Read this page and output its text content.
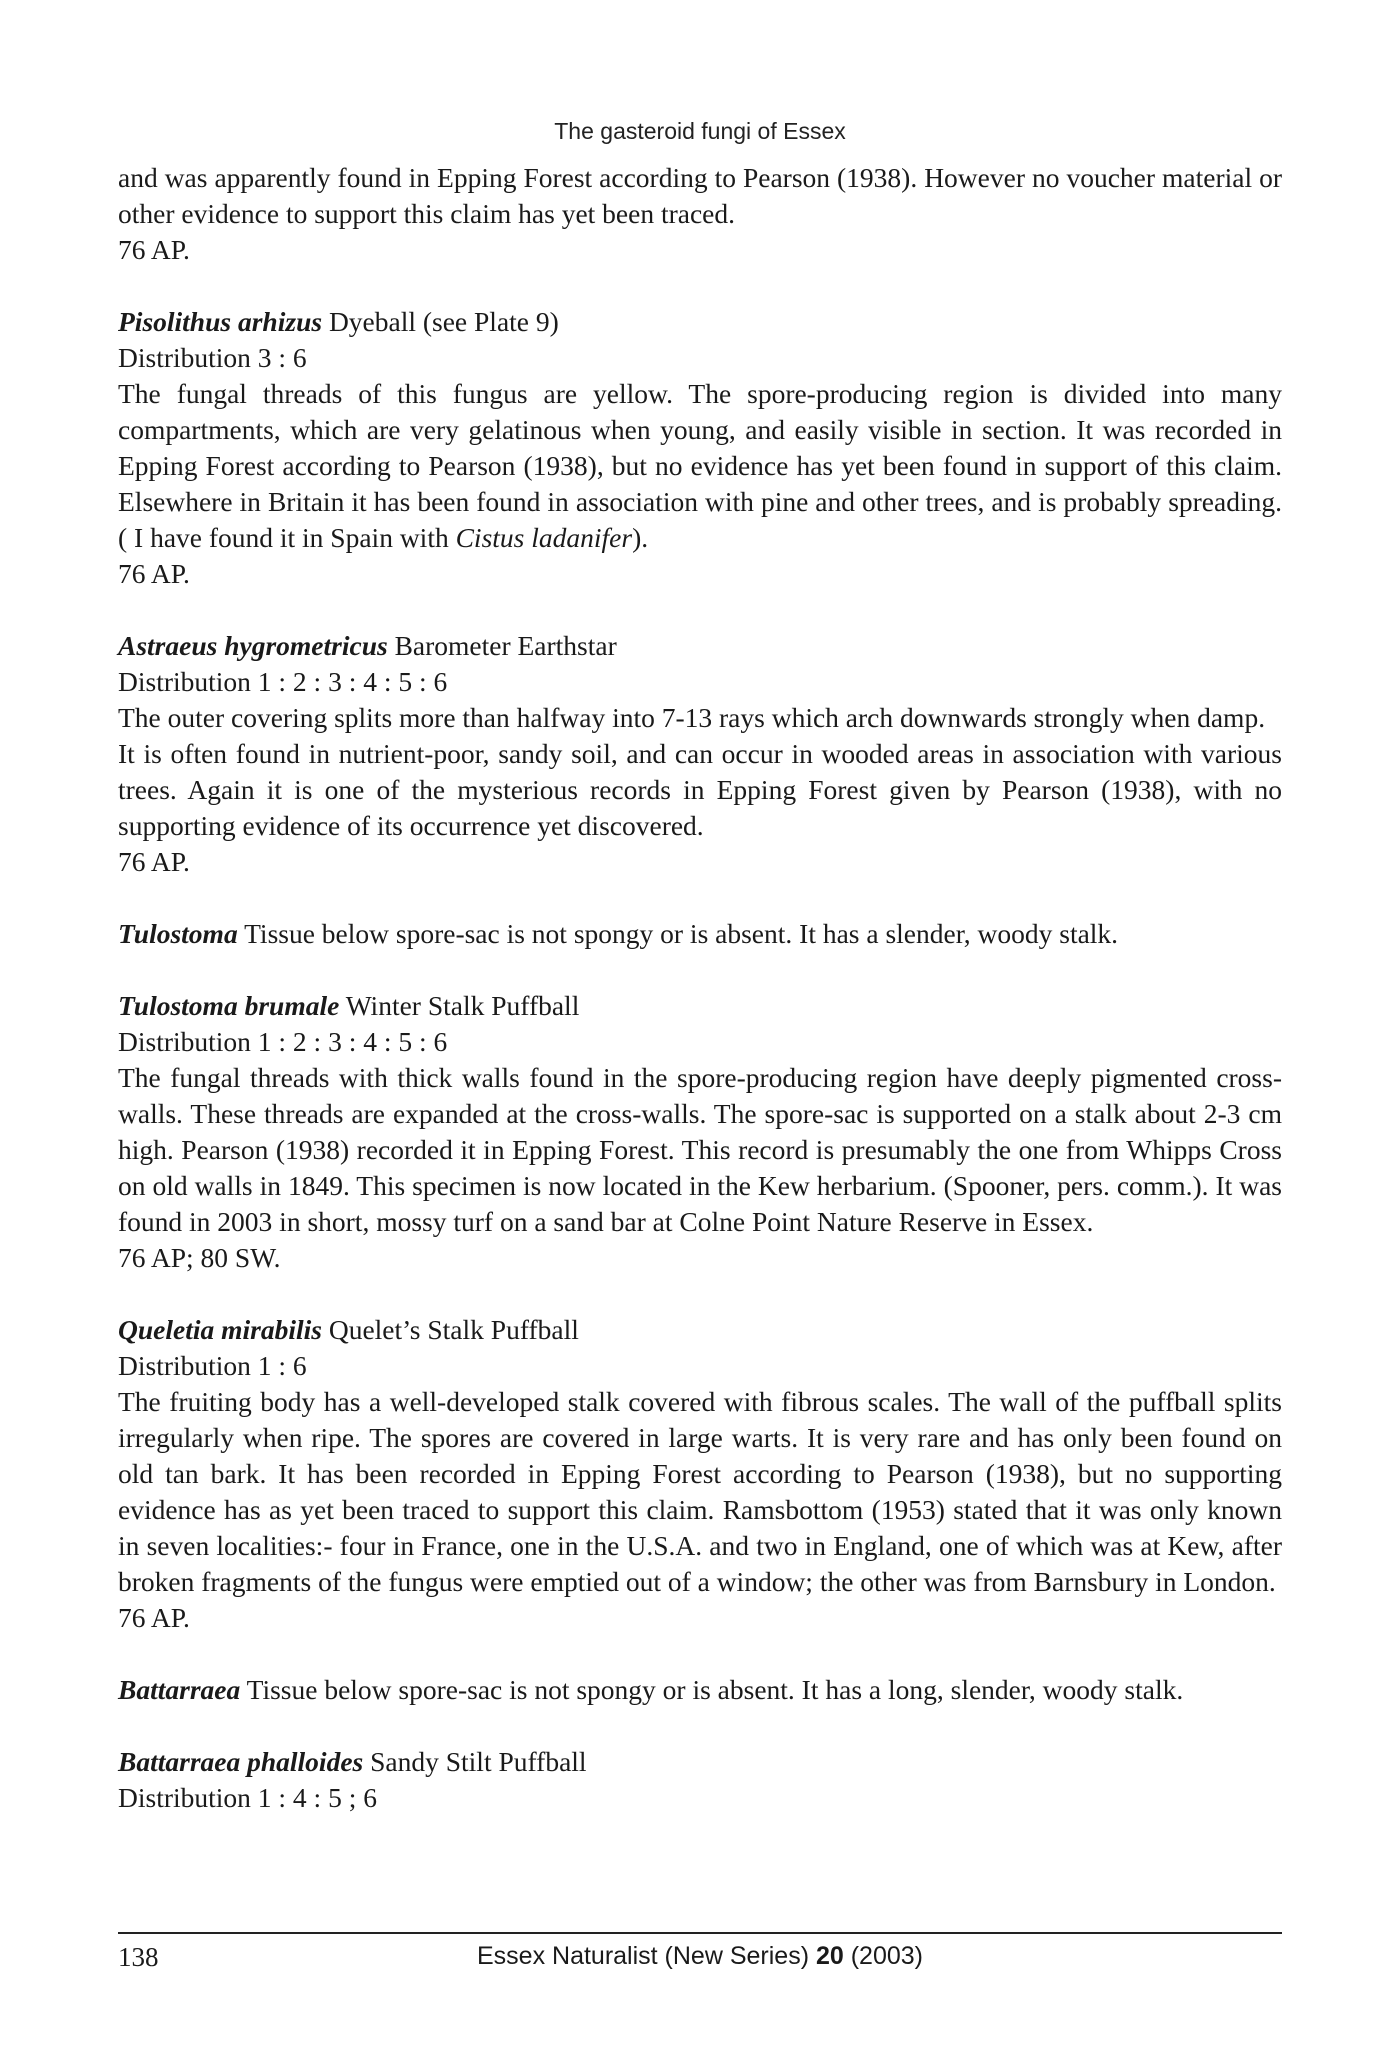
The gasteroid fungi of Essex

and was apparently found in Epping Forest according to Pearson (1938). However no voucher material or other evidence to support this claim has yet been traced.

76 AP.

Pisolithus arhizus Dyeball (see Plate 9)

Distribution 3 : 6

The fungal threads of this fungus are yellow. The spore-producing region is divided into many compartments, which are very gelatinous when young, and easily visible in section. It was recorded in Epping Forest according to Pearson (1938), but no evidence has yet been found in support of this claim. Elsewhere in Britain it has been found in association with pine and other trees, and is probably spreading. ( I have found it in Spain with Cistus ladanifer).

76 AP.

Astraeus hygrometricus Barometer Earthstar

Distribution 1 : 2 : 3 : 4 : 5 : 6

The outer covering splits more than halfway into 7-13 rays which arch downwards strongly when damp.

It is often found in nutrient-poor, sandy soil, and can occur in wooded areas in association with various trees. Again it is one of the mysterious records in Epping Forest given by Pearson (1938), with no supporting evidence of its occurrence yet discovered.

76 AP.

Tulostoma Tissue below spore-sac is not spongy or is absent. It has a slender, woody stalk.

Tulostoma brumale Winter Stalk Puffball

Distribution 1 : 2 : 3 : 4 : 5 : 6

The fungal threads with thick walls found in the spore-producing region have deeply pigmented cross-walls. These threads are expanded at the cross-walls. The spore-sac is supported on a stalk about 2-3 cm high. Pearson (1938) recorded it in Epping Forest. This record is presumably the one from Whipps Cross on old walls in 1849. This specimen is now located in the Kew herbarium. (Spooner, pers. comm.). It was found in 2003 in short, mossy turf on a sand bar at Colne Point Nature Reserve in Essex.

76 AP; 80 SW.

Queletia mirabilis Quelet’s Stalk Puffball

Distribution 1 : 6

The fruiting body has a well-developed stalk covered with fibrous scales. The wall of the puffball splits irregularly when ripe. The spores are covered in large warts. It is very rare and has only been found on old tan bark. It has been recorded in Epping Forest according to Pearson (1938), but no supporting evidence has as yet been traced to support this claim. Ramsbottom (1953) stated that it was only known in seven localities:- four in France, one in the U.S.A. and two in England, one of which was at Kew, after broken fragments of the fungus were emptied out of a window; the other was from Barnsbury in London.

76 AP.

Battarraea Tissue below spore-sac is not spongy or is absent. It has a long, slender, woody stalk.

Battarraea phalloides Sandy Stilt Puffball

Distribution 1 : 4 : 5 ; 6

138	Essex Naturalist (New Series) 20 (2003)
